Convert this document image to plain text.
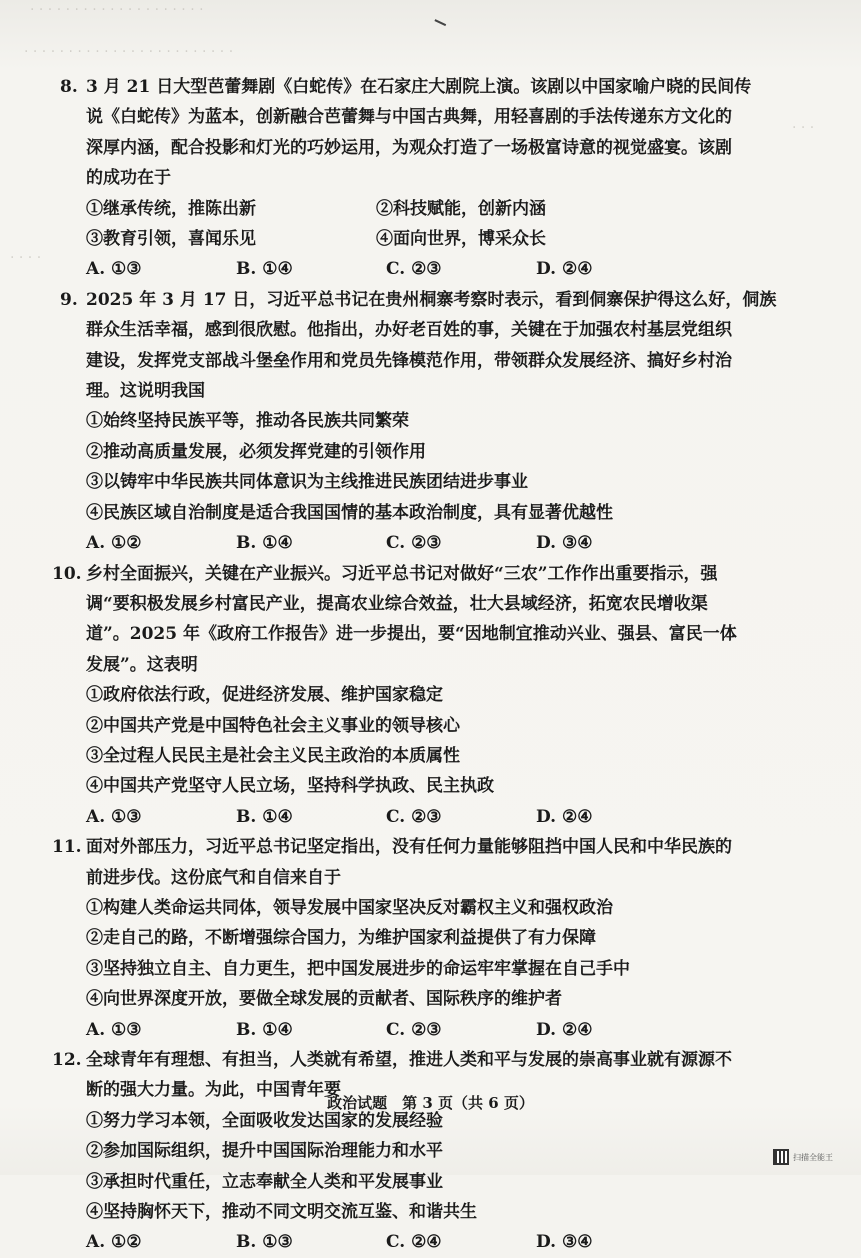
· · · · · · · · · · · · · · · · · · · ·
· · · · · · · · · · · · · · · · · · · · · · · ·
· · · ·
· · ·
8. 3 月 21 日大型芭蕾舞剧《白蛇传》在石家庄大剧院上演。该剧以中国家喻户晓的民间传
说《白蛇传》为蓝本，创新融合芭蕾舞与中国古典舞，用轻喜剧的手法传递东方文化的
深厚内涵，配合投影和灯光的巧妙运用，为观众打造了一场极富诗意的视觉盛宴。该剧
的成功在于
①继承传统，推陈出新	②科技赋能，创新内涵
③教育引领，喜闻乐见	④面向世界，博采众长
A. ①③	B. ①④	C. ②③	D. ②④
9. 2025 年 3 月 17 日，习近平总书记在贵州桐寨考察时表示，看到侗寨保护得这么好，侗族
群众生活幸福，感到很欣慰。他指出，办好老百姓的事，关键在于加强农村基层党组织
建设，发挥党支部战斗堡垒作用和党员先锋模范作用，带领群众发展经济、搞好乡村治
理。这说明我国
①始终坚持民族平等，推动各民族共同繁荣
②推动高质量发展，必须发挥党建的引领作用
③以铸牢中华民族共同体意识为主线推进民族团结进步事业
④民族区域自治制度是适合我国国情的基本政治制度，具有显著优越性
A. ①②	B. ①④	C. ②③	D. ③④
10. 乡村全面振兴，关键在产业振兴。习近平总书记对做好“三农”工作作出重要指示，强
调“要积极发展乡村富民产业，提高农业综合效益，壮大县域经济，拓宽农民增收渠
道”。2025 年《政府工作报告》进一步提出，要“因地制宜推动兴业、强县、富民一体
发展”。这表明
①政府依法行政，促进经济发展、维护国家稳定
②中国共产党是中国特色社会主义事业的领导核心
③全过程人民民主是社会主义民主政治的本质属性
④中国共产党坚守人民立场，坚持科学执政、民主执政
A. ①③	B. ①④	C. ②③	D. ②④
11. 面对外部压力，习近平总书记坚定指出，没有任何力量能够阻挡中国人民和中华民族的
前进步伐。这份底气和自信来自于
①构建人类命运共同体，领导发展中国家坚决反对霸权主义和强权政治
②走自己的路，不断增强综合国力，为维护国家利益提供了有力保障
③坚持独立自主、自力更生，把中国发展进步的命运牢牢掌握在自己手中
④向世界深度开放，要做全球发展的贡献者、国际秩序的维护者
A. ①③	B. ①④	C. ②③	D. ②④
12. 全球青年有理想、有担当，人类就有希望，推进人类和平与发展的崇高事业就有源源不
断的强大力量。为此，中国青年要
①努力学习本领，全面吸收发达国家的发展经验
②参加国际组织，提升中国国际治理能力和水平
③承担时代重任，立志奉献全人类和平发展事业
④坚持胸怀天下，推动不同文明交流互鉴、和谐共生
A. ①②	B. ①③	C. ②④	D. ③④
政治试题　第 3 页（共 6 页）
扫描全能王
